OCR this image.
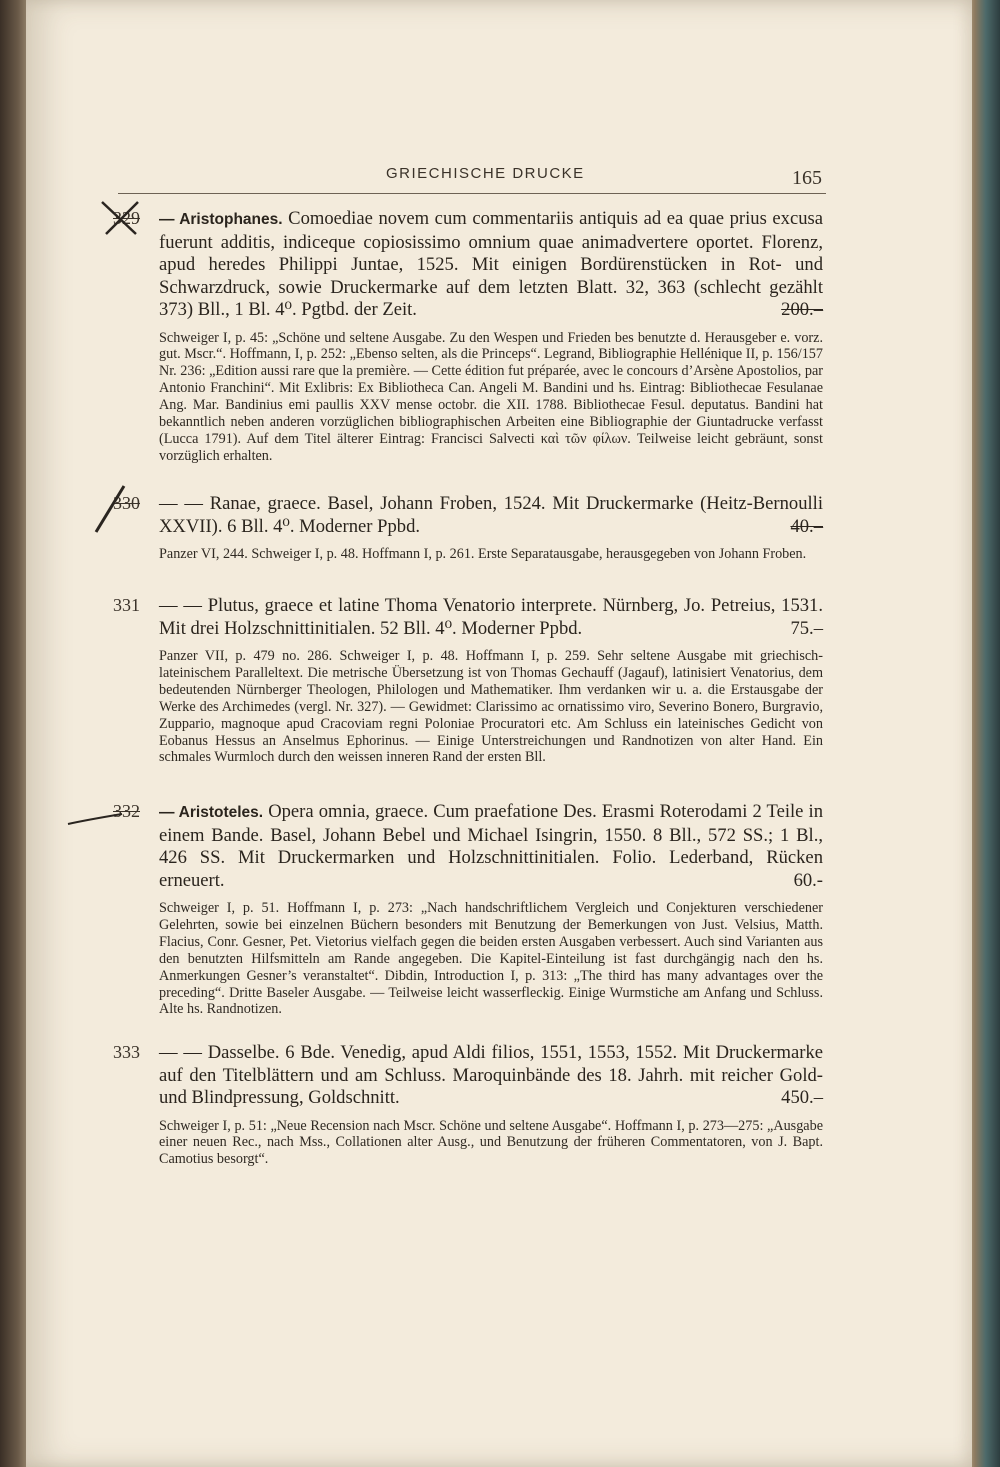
GRIECHISCHE DRUCKE	165
329 — Aristophanes. Comoediae novem cum commentariis antiquis ad ea quae prius excusa fuerunt additis, indiceque copiosissimo omnium quae animadvertere oportet. Florenz, apud heredes Philippi Juntae, 1525. Mit einigen Bordürenstücken in Rot- und Schwarzdruck, sowie Druckermarke auf dem letzten Blatt. 32, 363 (schlecht gezählt 373) Bll., 1 Bl. 4⁰. Pgtbd. der Zeit.	200.–

Schweiger I, p. 45: „Schöne und seltene Ausgabe. Zu den Wespen und Frieden bes benutzte d. Herausgeber e. vorz. gut. Mscr.“. Hoffmann, I, p. 252: „Ebenso selten, als die Princeps“. Legrand, Bibliographie Hellénique II, p. 156/157 Nr. 236: „Edition aussi rare que la première. — Cette édition fut préparée, avec le concours d’Arsène Apostolios, par Antonio Franchini“. Mit Exlibris: Ex Bibliotheca Can. Angeli M. Bandini und hs. Eintrag: Bibliothecae Fesulanae Ang. Mar. Bandinius emi paullis XXV mense octobr. die XII. 1788. Bibliothecae Fesul. deputatus. Bandini hat bekanntlich neben anderen vorzüglichen bibliographischen Arbeiten eine Bibliographie der Giuntadrucke verfasst (Lucca 1791). Auf dem Titel älterer Eintrag: Francisci Salvecti καὶ τῶν φίλων. Teilweise leicht gebräunt, sonst vorzüglich erhalten.

330 — — Ranae, graece. Basel, Johann Froben, 1524. Mit Druckermarke (Heitz-Bernoulli XXVII). 6 Bll. 4⁰. Moderner Ppbd.	40.–

Panzer VI, 244. Schweiger I, p. 48. Hoffmann I, p. 261. Erste Separatausgabe, herausgegeben von Johann Froben.

331 — — Plutus, graece et latine Thoma Venatorio interprete. Nürnberg, Jo. Petreius, 1531. Mit drei Holzschnittinitialen. 52 Bll. 4⁰. Moderner Ppbd.	75.–

Panzer VII, p. 479 no. 286. Schweiger I, p. 48. Hoffmann I, p. 259. Sehr seltene Ausgabe mit griechisch-lateinischem Paralleltext. Die metrische Übersetzung ist von Thomas Gechauff (Jagauf), latinisiert Venatorius, dem bedeutenden Nürnberger Theologen, Philologen und Mathematiker. Ihm verdanken wir u. a. die Erstausgabe der Werke des Archimedes (vergl. Nr. 327). — Gewidmet: Clarissimo ac ornatissimo viro, Severino Bonero, Burgravio, Zuppario, magnoque apud Cracoviam regni Poloniae Procuratori etc. Am Schluss ein lateinisches Gedicht von Eobanus Hessus an Anselmus Ephorinus. — Einige Unterstreichungen und Randnotizen von alter Hand. Ein schmales Wurmloch durch den weissen inneren Rand der ersten Bll.

332 — Aristoteles. Opera omnia, graece. Cum praefatione Des. Erasmi Roterodami 2 Teile in einem Bande. Basel, Johann Bebel und Michael Isingrin, 1550. 8 Bll., 572 SS.; 1 Bl., 426 SS. Mit Druckermarken und Holzschnittinitialen. Folio. Lederband, Rücken erneuert.	60.-

Schweiger I, p. 51. Hoffmann I, p. 273: „Nach handschriftlichem Vergleich und Conjekturen verschiedener Gelehrten, sowie bei einzelnen Büchern besonders mit Benutzung der Bemerkungen von Just. Velsius, Matth. Flacius, Conr. Gesner, Pet. Vietorius vielfach gegen die beiden ersten Ausgaben verbessert. Auch sind Varianten aus den benutzten Hilfsmitteln am Rande angegeben. Die Kapitel-Einteilung ist fast durchgängig nach den hs. Anmerkungen Gesner’s veranstaltet“. Dibdin, Introduction I, p. 313: „The third has many advantages over the preceding“. Dritte Baseler Ausgabe. — Teilweise leicht wasserfleckig. Einige Wurmstiche am Anfang und Schluss. Alte hs. Randnotizen.

333 — — Dasselbe. 6 Bde. Venedig, apud Aldi filios, 1551, 1553, 1552. Mit Druckermarke auf den Titelblättern und am Schluss. Maroquinbände des 18. Jahrh. mit reicher Gold- und Blindpressung, Goldschnitt.	450.–

Schweiger I, p. 51: „Neue Recension nach Mscr. Schöne und seltene Ausgabe“. Hoffmann I, p. 273—275: „Ausgabe einer neuen Rec., nach Mss., Collationen alter Ausg., und Benutzung der früheren Commentatoren, von J. Bapt. Camotius besorgt“.
